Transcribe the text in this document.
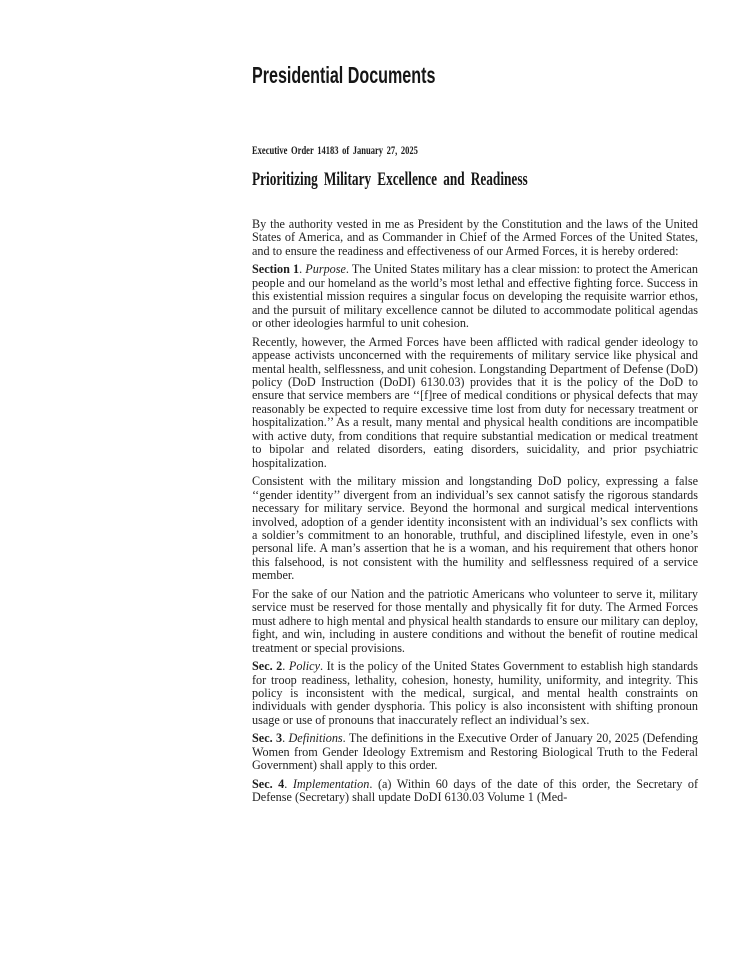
Presidential Documents
Executive Order 14183 of January 27, 2025
Prioritizing Military Excellence and Readiness

By the authority vested in me as President by the Constitution and the laws of the United States of America, and as Commander in Chief of the Armed Forces of the United States, and to ensure the readiness and effectiveness of our Armed Forces, it is hereby ordered:

Section 1. Purpose. The United States military has a clear mission: to protect the American people and our homeland as the world’s most lethal and effective fighting force. Success in this existential mission requires a singular focus on developing the requisite warrior ethos, and the pursuit of military excellence cannot be diluted to accommodate political agendas or other ideologies harmful to unit cohesion.

Recently, however, the Armed Forces have been afflicted with radical gender ideology to appease activists unconcerned with the requirements of military service like physical and mental health, selflessness, and unit cohesion. Longstanding Department of Defense (DoD) policy (DoD Instruction (DoDI) 6130.03) provides that it is the policy of the DoD to ensure that service members are ‘‘[f]ree of medical conditions or physical defects that may reasonably be expected to require excessive time lost from duty for necessary treatment or hospitalization.’’ As a result, many mental and physical health conditions are incompatible with active duty, from conditions that require substantial medication or medical treatment to bipolar and related disorders, eating disorders, suicidality, and prior psychiatric hospitalization.

Consistent with the military mission and longstanding DoD policy, expressing a false ‘‘gender identity’’ divergent from an individual’s sex cannot satisfy the rigorous standards necessary for military service. Beyond the hormonal and surgical medical interventions involved, adoption of a gender identity inconsistent with an individual’s sex conflicts with a soldier’s commitment to an honorable, truthful, and disciplined lifestyle, even in one’s personal life. A man’s assertion that he is a woman, and his requirement that others honor this falsehood, is not consistent with the humility and selflessness required of a service member.

For the sake of our Nation and the patriotic Americans who volunteer to serve it, military service must be reserved for those mentally and physically fit for duty. The Armed Forces must adhere to high mental and physical health standards to ensure our military can deploy, fight, and win, including in austere conditions and without the benefit of routine medical treatment or special provisions.

Sec. 2. Policy. It is the policy of the United States Government to establish high standards for troop readiness, lethality, cohesion, honesty, humility, uniformity, and integrity. This policy is inconsistent with the medical, surgical, and mental health constraints on individuals with gender dysphoria. This policy is also inconsistent with shifting pronoun usage or use of pronouns that inaccurately reflect an individual’s sex.

Sec. 3. Definitions. The definitions in the Executive Order of January 20, 2025 (Defending Women from Gender Ideology Extremism and Restoring Biological Truth to the Federal Government) shall apply to this order.

Sec. 4. Implementation. (a) Within 60 days of the date of this order, the Secretary of Defense (Secretary) shall update DoDI 6130.03 Volume 1 (Med-
